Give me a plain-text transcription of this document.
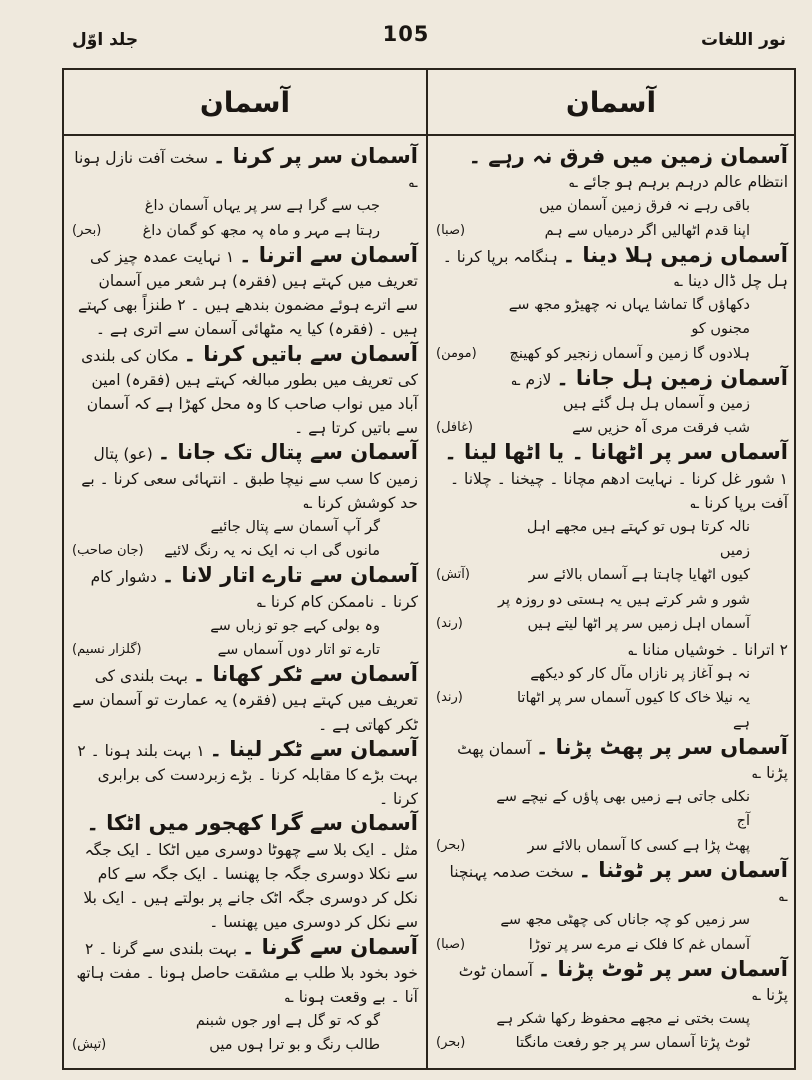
جلد اوّل	105	نور اللغات
آسمان	آسمان

آسمان زمین میں فرق نہ رہے ۔ انتظام عالم درہم برہم ہو جائے ؎

باقی رہے نہ فرق زمین آسمان میں

اپنا قدم اٹھالیں اگر درمیاں سے ہم
(صبا)

آسماں زمیں ہلا دینا ۔ ہنگامہ برپا کرنا ۔ ہل چل ڈال دینا ؎

دکھاؤں گا تماشا یہاں نہ چھیڑو مجھ سے مجنوں کو

ہلادوں گا زمین و آسماں زنجیر کو کھینچ
(مومن)

آسمان زمین ہل جانا ۔ لازم ؎

زمین و آسماں ہل ہل گئے ہیں

شب فرقت مری آہ حزیں سے
(غافل)

آسماں سر پر اٹھانا ۔ یا اٹھا لینا ۔ ۱ شور غل کرنا ۔ نہایت ادھم مچانا ۔ چیخنا ۔ چلانا ۔ آفت برپا کرنا ؎

نالہ کرتا ہوں تو کہتے ہیں مجھے اہل زمیں

کیوں اٹھایا چاہتا ہے آسماں بالائے سر
(آتش)

شور و شر کرتے ہیں یہ ہستی دو روزہ پر

آسماں اہل زمیں سر پر اٹھا لیتے ہیں
(رند)

۲ اترانا ۔ خوشیاں منانا ؎

نہ ہو آغاز پر نازاں مآل کار کو دیکھے

یہ نیلا خاک کا کیوں آسماں سر پر اٹھاتا ہے
(رند)

آسماں سر پر پھٹ پڑنا ۔ آسمان پھٹ پڑنا ؎

نکلی جاتی ہے زمیں بھی پاؤں کے نیچے سے آج

پھٹ پڑا ہے کسی کا آسماں بالائے سر
(بحر)

آسمان سر پر ٹوٹنا ۔ سخت صدمہ پہنچنا ؎

سر زمیں کو چہ جاناں کی چھٹی مجھ سے

آسماں غم کا فلک نے مرے سر پر توڑا
(صبا)

آسمان سر پر ٹوٹ پڑنا ۔ آسمان ٹوٹ پڑنا ؎

پست بختی نے مجھے محفوظ رکھا شکر ہے

ٹوٹ پڑتا آسماں سر پر جو رفعت مانگتا
(بحر)

آسمان سر پر کرنا ۔ سخت آفت نازل ہونا ؎

جب سے گرا ہے سر پر یہاں آسمان داغ

رہتا ہے مہر و ماہ پہ مجھ کو گمان داغ
(بحر)

آسمان سے اترنا ۔ ۱ نہایت عمدہ چیز کی تعریف میں کہتے ہیں (فقرہ) ہر شعر میں آسمان سے اترے ہوئے مضمون بندھے ہیں ۔ ۲ طنزاً بھی کہتے ہیں ۔ (فقرہ) کیا یہ مٹھائی آسمان سے اتری ہے ۔

آسمان سے باتیں کرنا ۔ مکان کی بلندی کی تعریف میں بطور مبالغہ کہتے ہیں (فقرہ) امین آباد میں نواب صاحب کا وہ محل کھڑا ہے کہ آسمان سے باتیں کرتا ہے ۔

آسمان سے پتال تک جانا ۔ (عو) پتال زمین کا سب سے نیچا طبق ۔ انتہائی سعی کرنا ۔ بے حد کوشش کرنا ؎

گر آپ آسمان سے پتال جائیے

مانوں گی اب نہ ایک نہ یہ رنگ لائیے
(جان صاحب)

آسمان سے تارے اتار لانا ۔ دشوار کام کرنا ۔ ناممکن کام کرنا ؎

وہ بولی کہے جو تو زباں سے

تارے تو اتار دوں آسماں سے
(گلزار نسیم)

آسمان سے ٹکر کھانا ۔ بہت بلندی کی تعریف میں کہتے ہیں (فقرہ) یہ عمارت تو آسمان سے ٹکر کھاتی ہے ۔

آسمان سے ٹکر لینا ۔ ۱ بہت بلند ہونا ۔ ۲ بہت بڑے کا مقابلہ کرنا ۔ بڑے زبردست کی برابری کرنا ۔

آسمان سے گرا کھجور میں اٹکا ۔ مثل ۔ ایک بلا سے چھوٹا دوسری میں اٹکا ۔ ایک جگہ سے نکلا دوسری جگہ جا پھنسا ۔ ایک جگہ سے کام نکل کر دوسری جگہ اٹک جانے پر بولتے ہیں ۔ ایک بلا سے نکل کر دوسری میں پھنسا ۔

آسمان سے گرنا ۔ بہت بلندی سے گرنا ۔ ۲ خود بخود بلا طلب بے مشقت حاصل ہونا ۔ مفت ہاتھ آنا ۔ بے وقعت ہونا ؎

گو کہ تو گل ہے اور جوں شبنم

طالب رنگ و بو ترا ہوں میں
(تپش)
